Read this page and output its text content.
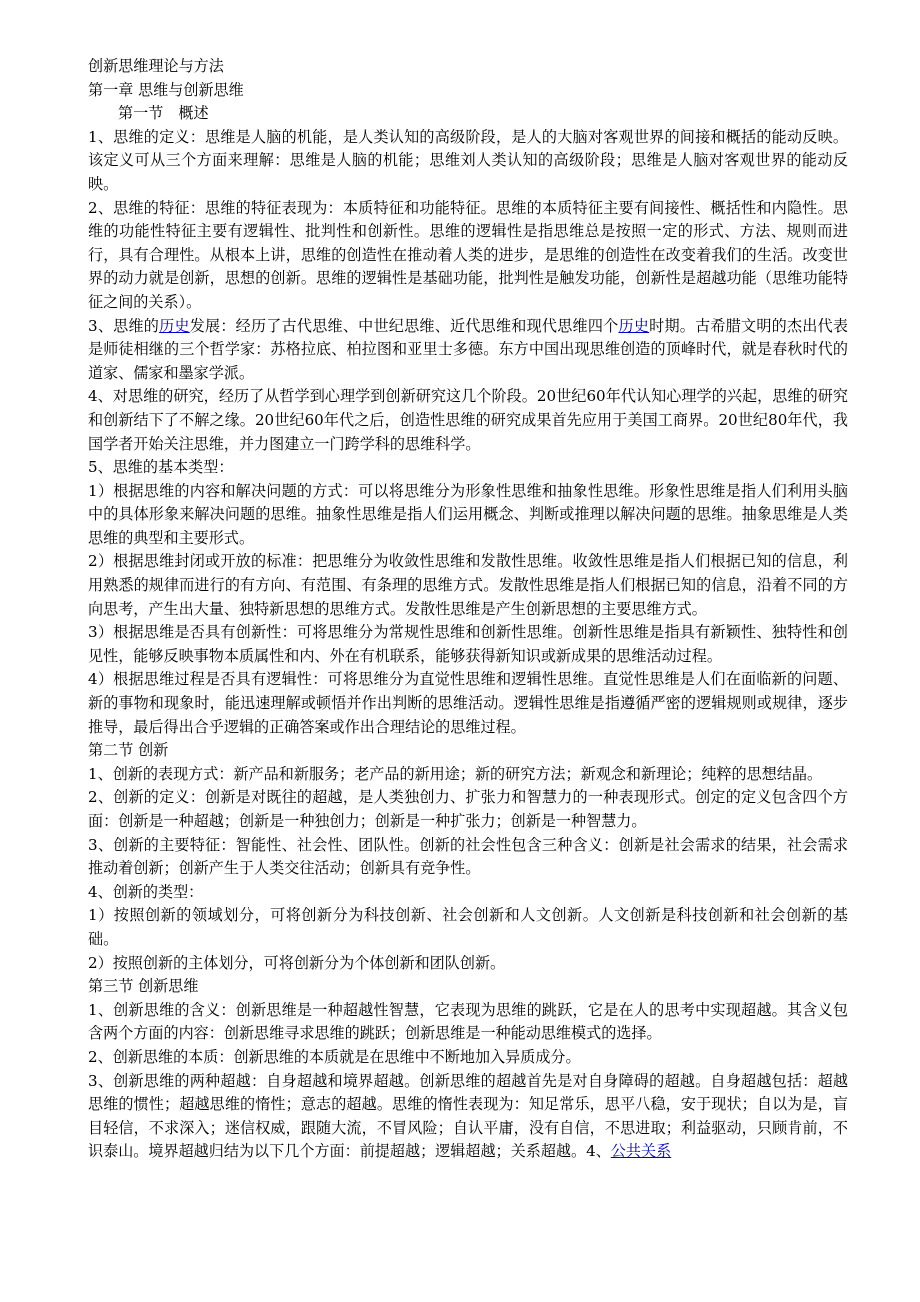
创新思维理论与方法

第一章 思维与创新思维

第一节　概述

1、思维的定义：思维是人脑的机能，是人类认知的高级阶段，是人的大脑对客观世界的间接和概括的能动反映。该定义可从三个方面来理解：思维是人脑的机能；思维刘人类认知的高级阶段；思维是人脑对客观世界的能动反映。

2、思维的特征：思维的特征表现为：本质特征和功能特征。思维的本质特征主要有间接性、概括性和内隐性。思维的功能性特征主要有逻辑性、批判性和创新性。思维的逻辑性是指思维总是按照一定的形式、方法、规则而进行，具有合理性。从根本上讲，思维的创造性在推动着人类的进步，是思维的创造性在改变着我们的生活。改变世界的动力就是创新，思想的创新。思维的逻辑性是基础功能，批判性是触发功能，创新性是超越功能（思维功能特征之间的关系）。

3、思维的历史发展：经历了古代思维、中世纪思维、近代思维和现代思维四个历史时期。古希腊文明的杰出代表是师徒相继的三个哲学家：苏格拉底、柏拉图和亚里士多德。东方中国出现思维创造的顶峰时代，就是春秋时代的道家、儒家和墨家学派。

4、对思维的研究，经历了从哲学到心理学到创新研究这几个阶段。20世纪60年代认知心理学的兴起，思维的研究和创新结下了不解之缘。20世纪60年代之后，创造性思维的研究成果首先应用于美国工商界。20世纪80年代，我国学者开始关注思维，并力图建立一门跨学科的思维科学。

5、思维的基本类型：

1）根据思维的内容和解决问题的方式：可以将思维分为形象性思维和抽象性思维。形象性思维是指人们利用头脑中的具体形象来解决问题的思维。抽象性思维是指人们运用概念、判断或推理以解决问题的思维。抽象思维是人类思维的典型和主要形式。

2）根据思维封闭或开放的标准：把思维分为收敛性思维和发散性思维。收敛性思维是指人们根据已知的信息，利用熟悉的规律而进行的有方向、有范围、有条理的思维方式。发散性思维是指人们根据已知的信息，沿着不同的方向思考，产生出大量、独特新思想的思维方式。发散性思维是产生创新思想的主要思维方式。

3）根据思维是否具有创新性：可将思维分为常规性思维和创新性思维。创新性思维是指具有新颖性、独特性和创见性，能够反映事物本质属性和内、外在有机联系，能够获得新知识或新成果的思维活动过程。

4）根据思维过程是否具有逻辑性：可将思维分为直觉性思维和逻辑性思维。直觉性思维是人们在面临新的问题、新的事物和现象时，能迅速理解或顿悟并作出判断的思维活动。逻辑性思维是指遵循严密的逻辑规则或规律，逐步推导，最后得出合乎逻辑的正确答案或作出合理结论的思维过程。

第二节 创新

1、创新的表现方式：新产品和新服务；老产品的新用途；新的研究方法；新观念和新理论；纯粹的思想结晶。

2、创新的定义：创新是对既往的超越，是人类独创力、扩张力和智慧力的一种表现形式。创定的定义包含四个方面：创新是一种超越；创新是一种独创力；创新是一种扩张力；创新是一种智慧力。

3、创新的主要特征：智能性、社会性、团队性。创新的社会性包含三种含义：创新是社会需求的结果，社会需求推动着创新；创新产生于人类交往活动；创新具有竞争性。

4、创新的类型：

1）按照创新的领域划分，可将创新分为科技创新、社会创新和人文创新。人文创新是科技创新和社会创新的基础。

2）按照创新的主体划分，可将创新分为个体创新和团队创新。

第三节 创新思维

1、创新思维的含义：创新思维是一种超越性智慧，它表现为思维的跳跃，它是在人的思考中实现超越。其含义包含两个方面的内容：创新思维寻求思维的跳跃；创新思维是一种能动思维模式的选择。

2、创新思维的本质：创新思维的本质就是在思维中不断地加入异质成分。

3、创新思维的两种超越：自身超越和境界超越。创新思维的超越首先是对自身障碍的超越。自身超越包括：超越思维的惯性；超越思维的惰性；意志的超越。思维的惰性表现为：知足常乐，思平八稳，安于现状；自以为是，盲目轻信，不求深入；迷信权威，跟随大流，不冒风险；自认平庸，没有自信，不思进取；利益驱动，只顾肯前，不识泰山。境界超越归结为以下几个方面：前提超越；逻辑超越；关系超越。4、公共关系
